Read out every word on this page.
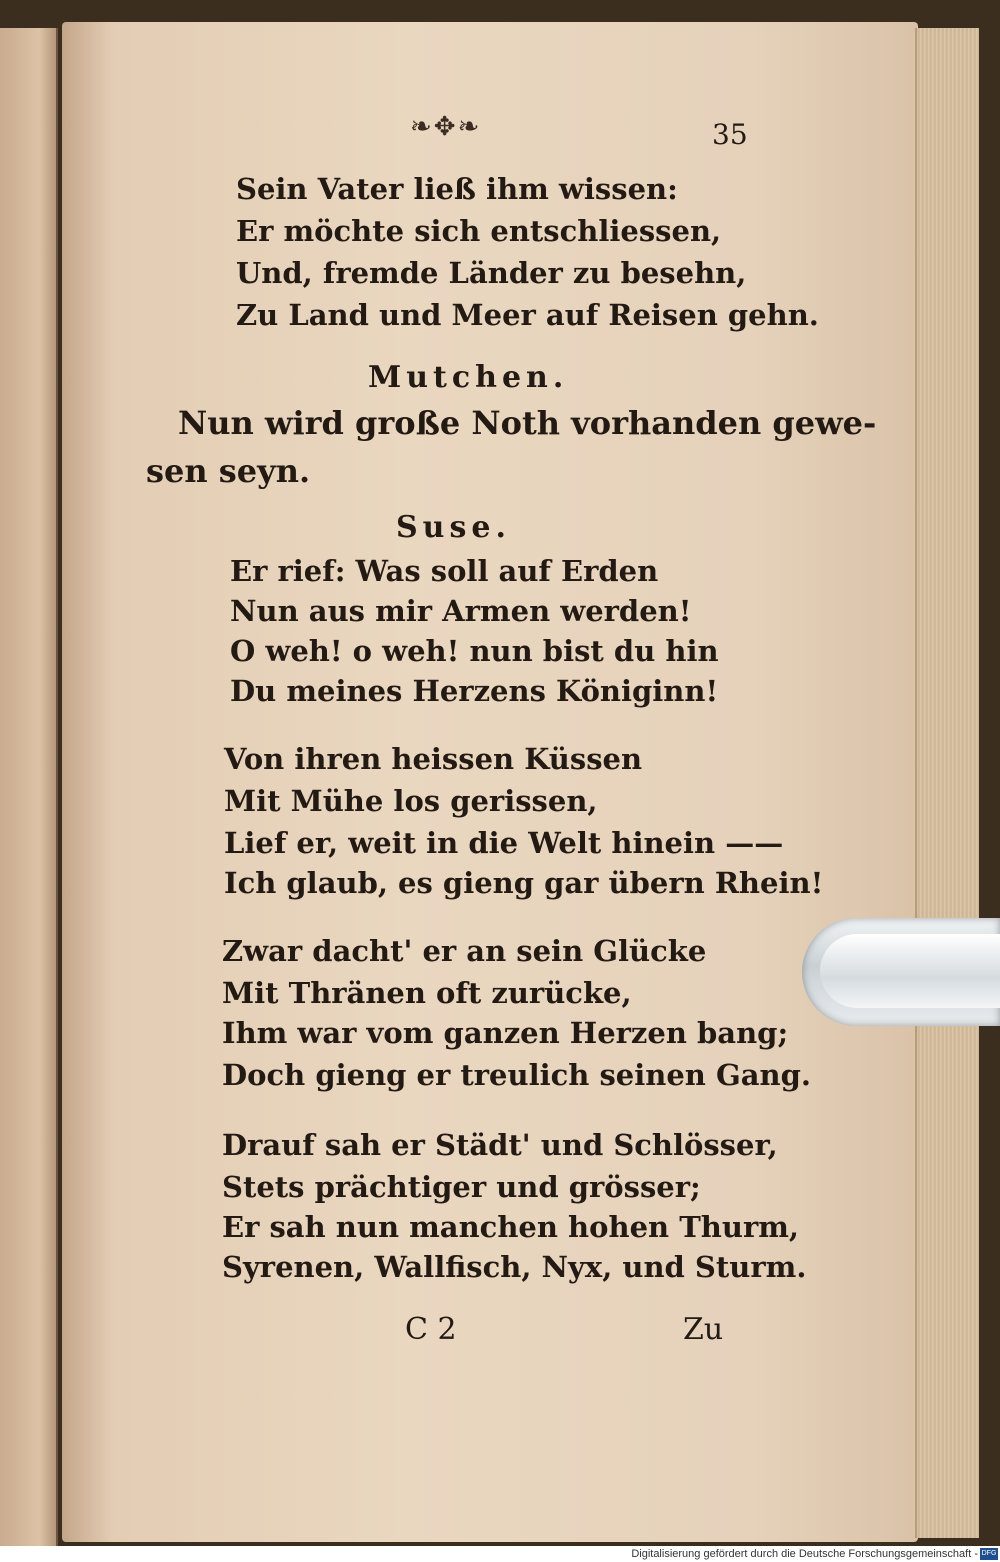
❧✥❧	35
Sein Vater ließ ihm wissen:
Er möchte sich entschliessen,
Und, fremde Länder zu besehn,
Zu Land und Meer auf Reisen gehn.
Mutchen.
Nun wird große Noth vorhanden gewe-
sen seyn.
Suse.
Er rief: Was soll auf Erden
Nun aus mir Armen werden!
O weh! o weh! nun bist du hin
Du meines Herzens Königinn!
Von ihren heissen Küssen
Mit Mühe los gerissen,
Lief er, weit in die Welt hinein ——
Ich glaub, es gieng gar übern Rhein!
Zwar dacht' er an sein Glücke
Mit Thränen oft zurücke,
Ihm war vom ganzen Herzen bang;
Doch gieng er treulich seinen Gang.
Drauf sah er Städt' und Schlösser,
Stets prächtiger und grösser;
Er sah nun manchen hohen Thurm,
Syrenen, Wallfisch, Nyx, und Sturm.
C 2	Zu
Digitalisierung gefördert durch die Deutsche Forschungsgemeinschaft - DFG
